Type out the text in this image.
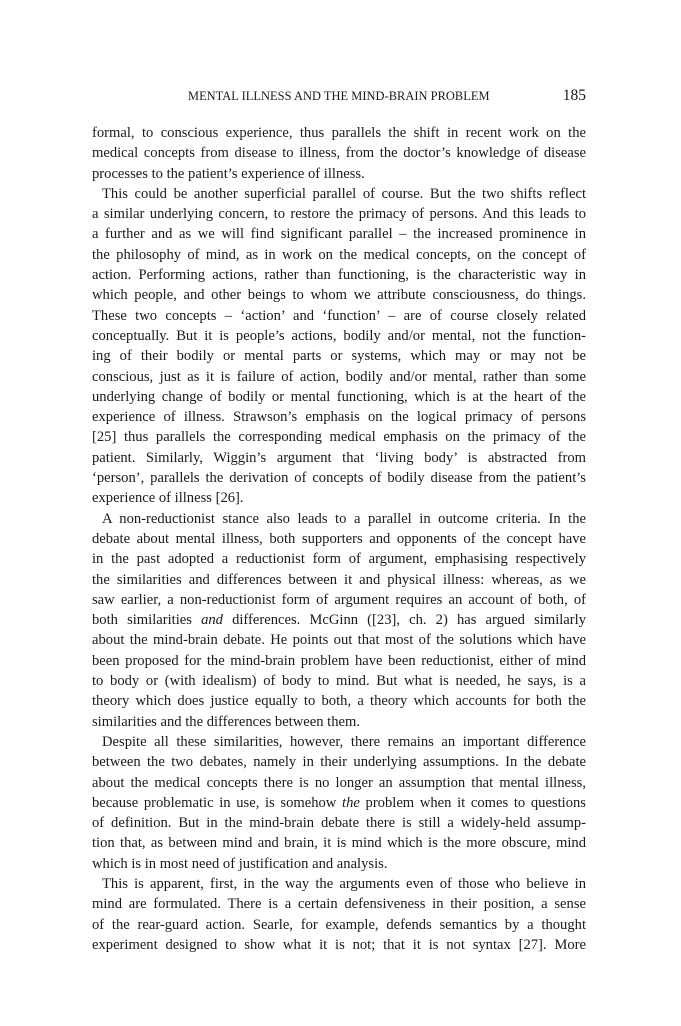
MENTAL ILLNESS AND THE MIND-BRAIN PROBLEM	185
formal, to conscious experience, thus parallels the shift in recent work on the
medical concepts from disease to illness, from the doctor’s knowledge of disease
processes to the patient’s experience of illness.
This could be another superficial parallel of course. But the two shifts reflect
a similar underlying concern, to restore the primacy of persons. And this leads to
a further and as we will find significant parallel – the increased prominence in
the philosophy of mind, as in work on the medical concepts, on the concept of
action. Performing actions, rather than functioning, is the characteristic way in
which people, and other beings to whom we attribute consciousness, do things.
These two concepts – ‘action’ and ‘function’ – are of course closely related
conceptually. But it is people’s actions, bodily and/or mental, not the function-
ing of their bodily or mental parts or systems, which may or may not be
conscious, just as it is failure of action, bodily and/or mental, rather than some
underlying change of bodily or mental functioning, which is at the heart of the
experience of illness. Strawson’s emphasis on the logical primacy of persons
[25] thus parallels the corresponding medical emphasis on the primacy of the
patient. Similarly, Wiggin’s argument that ‘living body’ is abstracted from
‘person’, parallels the derivation of concepts of bodily disease from the patient’s
experience of illness [26].
A non-reductionist stance also leads to a parallel in outcome criteria. In the
debate about mental illness, both supporters and opponents of the concept have
in the past adopted a reductionist form of argument, emphasising respectively
the similarities and differences between it and physical illness: whereas, as we
saw earlier, a non-reductionist form of argument requires an account of both, of
both similarities and differences. McGinn ([23], ch. 2) has argued similarly
about the mind-brain debate. He points out that most of the solutions which have
been proposed for the mind-brain problem have been reductionist, either of mind
to body or (with idealism) of body to mind. But what is needed, he says, is a
theory which does justice equally to both, a theory which accounts for both the
similarities and the differences between them.
Despite all these similarities, however, there remains an important difference
between the two debates, namely in their underlying assumptions. In the debate
about the medical concepts there is no longer an assumption that mental illness,
because problematic in use, is somehow the problem when it comes to questions
of definition. But in the mind-brain debate there is still a widely-held assump-
tion that, as between mind and brain, it is mind which is the more obscure, mind
which is in most need of justification and analysis.
This is apparent, first, in the way the arguments even of those who believe in
mind are formulated. There is a certain defensiveness in their position, a sense
of the rear-guard action. Searle, for example, defends semantics by a thought
experiment designed to show what it is not; that it is not syntax [27]. More
